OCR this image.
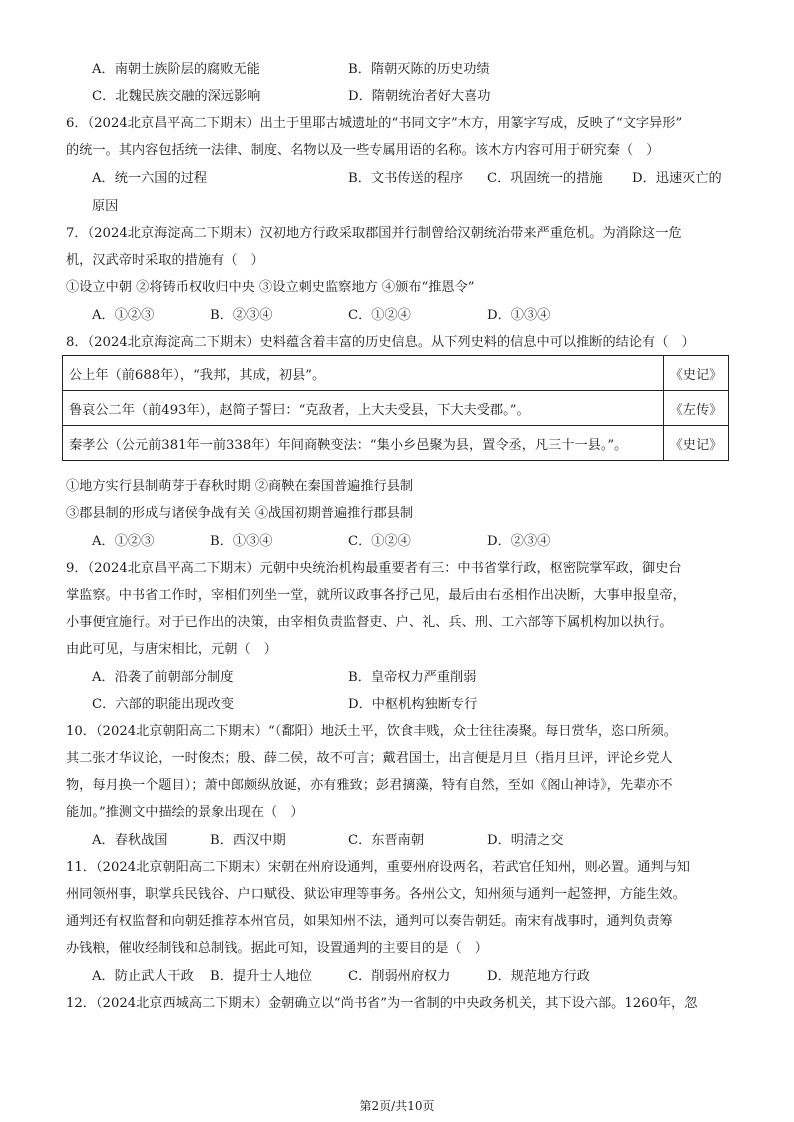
A．南朝士族阶层的腐败无能	B．隋朝灭陈的历史功绩
C．北魏民族交融的深远影响	D．隋朝统治者好大喜功
6．（2024北京昌平高二下期末）出土于里耶古城遗址的“书同文字”木方，用篆字写成，反映了“文字异形”
的统一。其内容包括统一法律、制度、名物以及一些专属用语的名称。该木方内容可用于研究秦（　）
A．统一六国的过程	B．文书传送的程序 C．巩固统一的措施 D．迅速灭亡的
原因
7．（2024北京海淀高二下期末）汉初地方行政采取郡国并行制曾给汉朝统治带来严重危机。为消除这一危
机，汉武帝时采取的措施有（　）
①设立中朝 ②将铸币权收归中央 ③设立刺史监察地方 ④颁布“推恩令”
A．①②③	B．②③④	C．①②④	D．①③④
8．（2024北京海淀高二下期末）史料蕴含着丰富的历史信息。从下列史料的信息中可以推断的结论有（　）
公上年（前688年），“我邦，其成，初县”。	《史记》
鲁哀公二年（前493年），赵简子誓曰：“克敌者，上大夫受县，下大夫受郡。”。	《左传》
秦孝公（公元前381年一前338年）年间商鞅变法：“集小乡邑聚为县，置令丞，凡三十一县。”。	《史记》
①地方实行县制萌芽于春秋时期 ②商鞅在秦国普遍推行县制
③郡县制的形成与诸侯争战有关 ④战国初期普遍推行郡县制
A．①②③	B．①③④	C．①②④	D．②③④
9．（2024北京昌平高二下期末）元朝中央统治机构最重要者有三：中书省掌行政，枢密院掌军政，御史台
掌监察。中书省工作时，宰相们列坐一堂，就所议政事各抒己见，最后由右丞相作出决断，大事申报皇帝，
小事便宜施行。对于已作出的决策，由宰相负责监督吏、户、礼、兵、刑、工六部等下属机构加以执行。
由此可见，与唐宋相比，元朝（　）
A．沿袭了前朝部分制度	B．皇帝权力严重削弱
C．六部的职能出现改变	D．中枢机构独断专行
10．（2024北京朝阳高二下期末）“（鄱阳）地沃土平，饮食丰贱，众士往往凑聚。每日赏华，恣口所须。
其二张才华议论，一时俊杰；殷、薛二侯，故不可言；戴君国士，出言便是月旦（指月旦评，评论乡党人
物，每月换一个题目）；萧中郎颇纵放诞，亦有雅致；彭君摛藻，特有自然，至如《阁山神诗》，先辈亦不
能加。”推测文中描绘的景象出现在（　）
A．春秋战国	B．西汉中期	C．东晋南朝	D．明清之交
11．（2024北京朝阳高二下期末）宋朝在州府设通判，重要州府设两名，若武官任知州，则必置。通判与知
州同领州事，职掌兵民钱谷、户口赋役、狱讼审理等事务。各州公文，知州须与通判一起签押，方能生效。
通判还有权监督和向朝廷推荐本州官员，如果知州不法，通判可以奏告朝廷。南宋有战事时，通判负责筹
办钱粮，催收经制钱和总制钱。据此可知，设置通判的主要目的是（　）
A．防止武人干政 B．提升士人地位	C．削弱州府权力	D．规范地方行政
12．（2024北京西城高二下期末）金朝确立以“尚书省”为一省制的中央政务机关，其下设六部。1260年，忽
第2页/共10页
